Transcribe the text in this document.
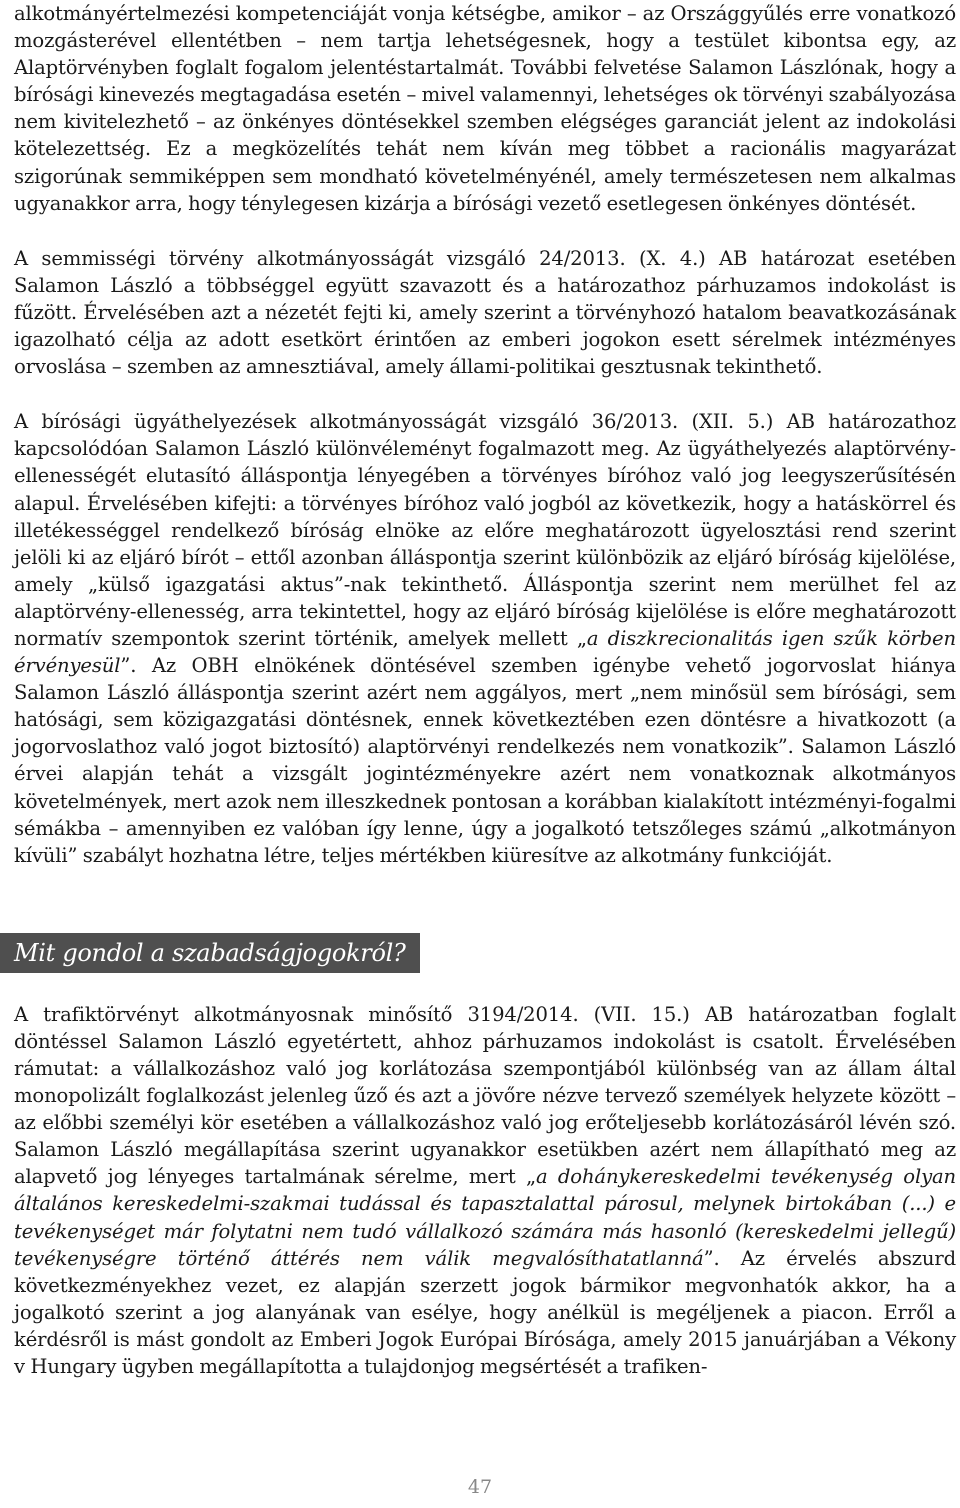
alkotmányértelmezési kompetenciáját vonja kétségbe, amikor – az Országgyűlés erre vonatkozó mozgásterével ellentétben – nem tartja lehetségesnek, hogy a testület kibontsa egy, az Alaptörvényben foglalt fogalom jelentéstartalmát. További felvetése Salamon Lászlónak, hogy a bírósági kinevezés megtagadása esetén – mivel valamennyi, lehetséges ok törvényi szabályozása nem kivitelezhető – az önkényes döntésekkel szemben elégséges garanciát jelent az indokolási kötelezettség. Ez a megközelítés tehát nem kíván meg többet a racionális magyarázat szigorúnak semmiképpen sem mondható követelményénél, amely természetesen nem alkalmas ugyanakkor arra, hogy ténylegesen kizárja a bírósági vezető esetlegesen önkényes döntését.

A semmisségi törvény alkotmányosságát vizsgáló 24/2013. (X. 4.) AB határozat esetében Salamon László a többséggel együtt szavazott és a határozathoz párhuzamos indokolást is fűzött. Érvelésében azt a nézetét fejti ki, amely szerint a törvényhozó hatalom beavatkozásának igazolható célja az adott esetkört érintően az emberi jogokon esett sérelmek intézményes orvoslása – szemben az amnesztiával, amely állami-politikai gesztusnak tekinthető.

A bírósági ügyáthelyezések alkotmányosságát vizsgáló 36/2013. (XII. 5.) AB határozathoz kapcsolódóan Salamon László különvéleményt fogalmazott meg. Az ügyáthelyezés alaptörvény-ellenességét elutasító álláspontja lényegében a törvényes bíróhoz való jog leegyszerűsítésén alapul. Érvelésében kifejti: a törvényes bíróhoz való jogból az következik, hogy a hatáskörrel és illetékességgel rendelkező bíróság elnöke az előre meghatározott ügyelosztási rend szerint jelöli ki az eljáró bírót – ettől azonban álláspontja szerint különbözik az eljáró bíróság kijelölése, amely „külső igazgatási aktus”-nak tekinthető. Álláspontja szerint nem merülhet fel az alaptörvény-ellenesség, arra tekintettel, hogy az eljáró bíróság kijelölése is előre meghatározott normatív szempontok szerint történik, amelyek mellett „a diszkrecionalitás igen szűk körben érvényesül”. Az OBH elnökének döntésével szemben igénybe vehető jogorvoslat hiánya Salamon László álláspontja szerint azért nem aggályos, mert „nem minősül sem bírósági, sem hatósági, sem közigazgatási döntésnek, ennek következtében ezen döntésre a hivatkozott (a jogorvoslathoz való jogot biztosító) alaptörvényi rendelkezés nem vonatkozik”. Salamon László érvei alapján tehát a vizsgált jogintézményekre azért nem vonatkoznak alkotmányos követelmények, mert azok nem illeszkednek pontosan a korábban kialakított intézményi-fogalmi sémákba – amennyiben ez valóban így lenne, úgy a jogalkotó tetszőleges számú „alkotmányon kívüli” szabályt hozhatna létre, teljes mértékben kiüresítve az alkotmány funkcióját.

Mit gondol a szabadságjogokról?

A trafiktörvényt alkotmányosnak minősítő 3194/2014. (VII. 15.) AB határozatban foglalt döntéssel Salamon László egyetértett, ahhoz párhuzamos indokolást is csatolt. Érvelésében rámutat: a vállalkozáshoz való jog korlátozása szempontjából különbség van az állam által monopolizált foglalkozást jelenleg űző és azt a jövőre nézve tervező személyek helyzete között – az előbbi személyi kör esetében a vállalkozáshoz való jog erőteljesebb korlátozásáról lévén szó. Salamon László megállapítása szerint ugyanakkor esetükben azért nem állapítható meg az alapvető jog lényeges tartalmának sérelme, mert „a dohánykereskedelmi tevékenység olyan általános kereskedelmi-szakmai tudással és tapasztalattal párosul, melynek birtokában (...) e tevékenységet már folytatni nem tudó vállalkozó számára más hasonló (kereskedelmi jellegű) tevékenységre történő áttérés nem válik megvalósíthatatlanná”. Az érvelés abszurd következményekhez vezet, ez alapján szerzett jogok bármikor megvonhatók akkor, ha a jogalkotó szerint a jog alanyának van esélye, hogy anélkül is megéljenek a piacon. Erről a kérdésről is mást gondolt az Emberi Jogok Európai Bírósága, amely 2015 januárjában a Vékony v Hungary ügyben megállapította a tulajdonjog megsértését a trafiken-

47
